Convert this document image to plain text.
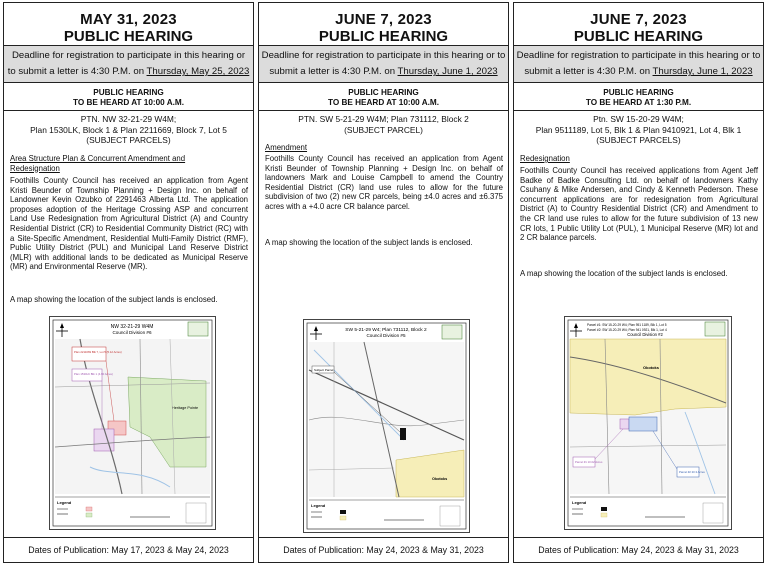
MAY 31, 2023
PUBLIC HEARING
Deadline for registration to participate in this hearing or
to submit a letter is 4:30 P.M. on Thursday, May 25, 2023
PUBLIC HEARING
TO BE HEARD AT 10:00 A.M.
PTN. NW 32-21-29 W4M;
Plan 1530LK, Block 1 & Plan 2211669, Block 7, Lot 5
(SUBJECT PARCELS)
Area Structure Plan & Concurrent Amendment and
Redesignation
Foothills County Council has received an application from Agent Kristi Beunder of Township Planning + Design Inc. on behalf of Landowner Kevin Ozubko of 2291463 Alberta Ltd. The application proposes adoption of the Heritage Crossing ASP and concurrent Land Use Redesignation from Agricultural District (A) and Country Residential District (CR) to Residential Community District (RC) with a Site-Specific Amendment, Residential Multi-Family District (RMF), Public Utility District (PUL) and Municipal Land Reserve District (MLR) with additional lands to be dedicated as Municipal Reserve (MR) and Environmental Reserve (MR).
A map showing the location of the subject lands is enclosed.
NW 32-21-29 W4M
Council Division #6
Heritage Pointe
Plan 2211669 Blk 7, Lot 5 (5.12 Acres)
Plan 1530LK Blk 1 (4.90 Acres)
Legend
Dates of Publication: May 17, 2023 & May 24, 2023
JUNE 7, 2023
PUBLIC HEARING
Deadline for registration to participate in this hearing or to
submit a letter is 4:30 P.M. on Thursday, June 1, 2023
PUBLIC HEARING
TO BE HEARD AT 10:00 A.M.
PTN. SW 5-21-29 W4M; Plan 731112, Block 2
(SUBJECT PARCEL)
Amendment
Foothills County Council has received an application from Agent Kristi Beunder of Township Planning + Design Inc. on behalf of landowners Mark and Louise Campbell to amend the Country Residential District (CR) land use rules to allow for the future subdivision of two (2) new CR parcels, being ±4.0 acres and ±6.375 acres with a +4.0 acre CR balance parcel.
A map showing the location of the subject lands is enclosed.
SW 5-21-29 W4; Plan 731112, Block 2
Council Division #5
Okotoks
Subject Parcel
Legend
Dates of Publication: May 24, 2023 & May 31, 2023
JUNE 7, 2023
PUBLIC HEARING
Deadline for registration to participate in this hearing or to
submit a letter is 4:30 P.M. on Thursday, June 1, 2023
PUBLIC HEARING
TO BE HEARD AT 1:30 P.M.
Ptn. SW 15-20-29 W4M;
Plan 9511189, Lot 5, Blk 1 & Plan 9410921, Lot 4, Blk 1
(SUBJECT PARCELS)
Redesignation
Foothills County Council has received applications from Agent Jeff Badke of Badke Consulting Ltd. on behalf of landowners Kathy Csuhany & Mike Andersen, and Cindy & Kenneth Pederson. These concurrent applications are for redesignation from Agricultural District (A) to Country Residential District (CR) and Amendment to the CR land use rules to allow for the future subdivision of 13 new CR lots, 1 Public Utility Lot (PUL), 1 Municipal Reserve (MR) lot and 2 CR balance parcels.
A map showing the location of the subject lands is enclosed.
Parcel #1: SW 15-20-29 W4; Plan 951 1189, Blk 1, Lot 5
Parcel #2: SW 15-20-29 W4; Plan 941 0921, Blk 1, Lot 4
Council Division #2
Okotoks
Parcel #1 10.02 Acres
Parcel #2 20.3 Acres
Legend
Dates of Publication: May 24, 2023 & May 31, 2023
